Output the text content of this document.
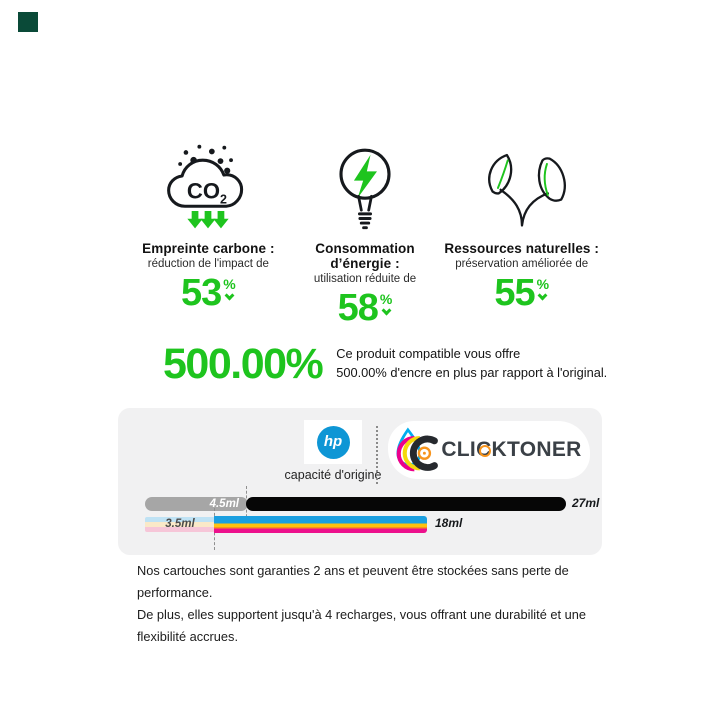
$CO_2$
Empreinte carbone :
réduction de l'impact de
53 %
Consommation d’énergie :
utilisation réduite de
58 %
Ressources naturelles :
préservation améliorée de
55 %
500.00% Ce produit compatible vous offre
500.00% d'encre en plus par rapport à l'original.
hp
capacité d'origine
CLI C KTONER
4.5ml	27ml
3.5ml	18ml

Nos cartouches sont garanties 2 ans et peuvent être stockées sans perte de performance.

De plus, elles supportent jusqu'à 4 recharges, vous offrant une durabilité et une flexibilité accrues.
